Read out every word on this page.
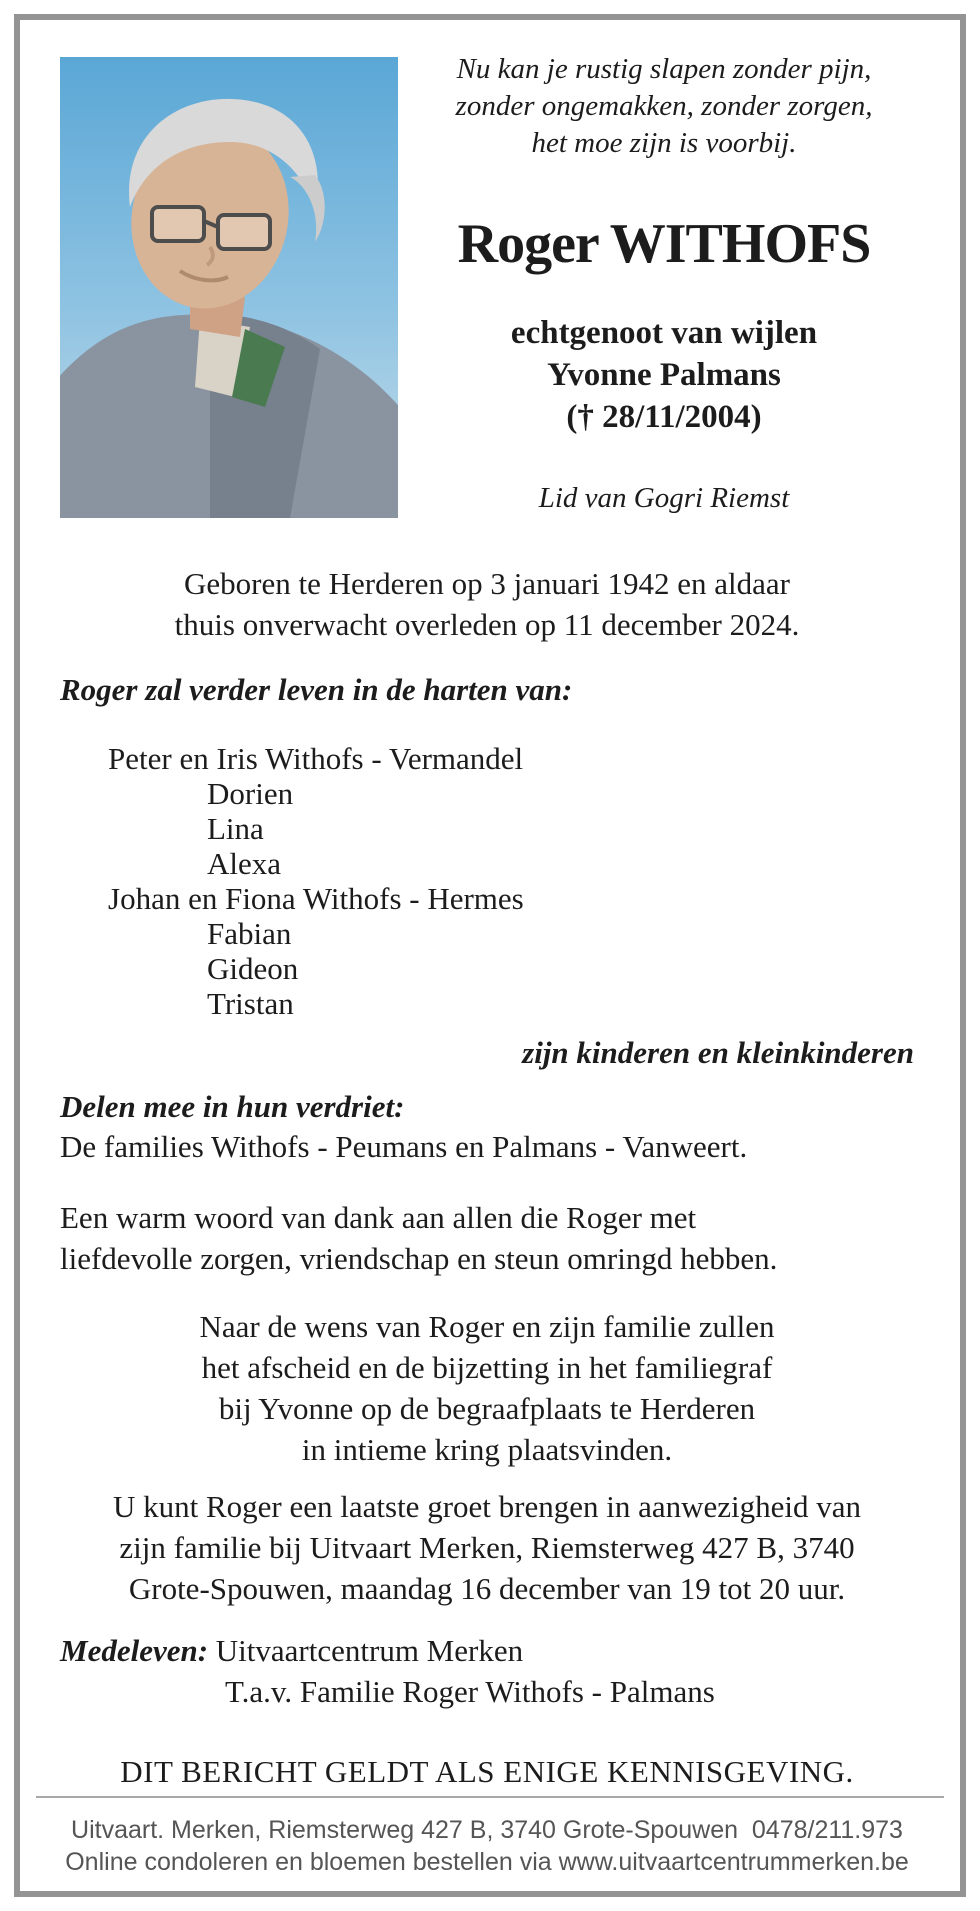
Nu kan je rustig slapen zonder pijn,
zonder ongemakken, zonder zorgen,
het moe zijn is voorbij.
Roger WITHOFS
echtgenoot van wijlen
Yvonne Palmans
(† 28/11/2004)
Lid van Gogri Riemst
Geboren te Herderen op 3 januari 1942 en aldaar
thuis onverwacht overleden op 11 december 2024.
Roger zal verder leven in de harten van:
Peter en Iris Withofs - Vermandel
Dorien
Lina
Alexa
Johan en Fiona Withofs - Hermes
Fabian
Gideon
Tristan
zijn kinderen en kleinkinderen
Delen mee in hun verdriet:
De families Withofs - Peumans en Palmans - Vanweert.
Een warm woord van dank aan allen die Roger met
liefdevolle zorgen, vriendschap en steun omringd hebben.
Naar de wens van Roger en zijn familie zullen
het afscheid en de bijzetting in het familiegraf
bij Yvonne op de begraafplaats te Herderen
in intieme kring plaatsvinden.
U kunt Roger een laatste groet brengen in aanwezigheid van
zijn familie bij Uitvaart Merken, Riemsterweg 427 B, 3740
Grote-Spouwen, maandag 16 december van 19 tot 20 uur.
Medeleven: Uitvaartcentrum Merken
T.a.v. Familie Roger Withofs - Palmans
DIT BERICHT GELDT ALS ENIGE KENNISGEVING.
Uitvaart. Merken, Riemsterweg 427 B, 3740 Grote-Spouwen  0478/211.973
Online condoleren en bloemen bestellen via www.uitvaartcentrummerken.be
